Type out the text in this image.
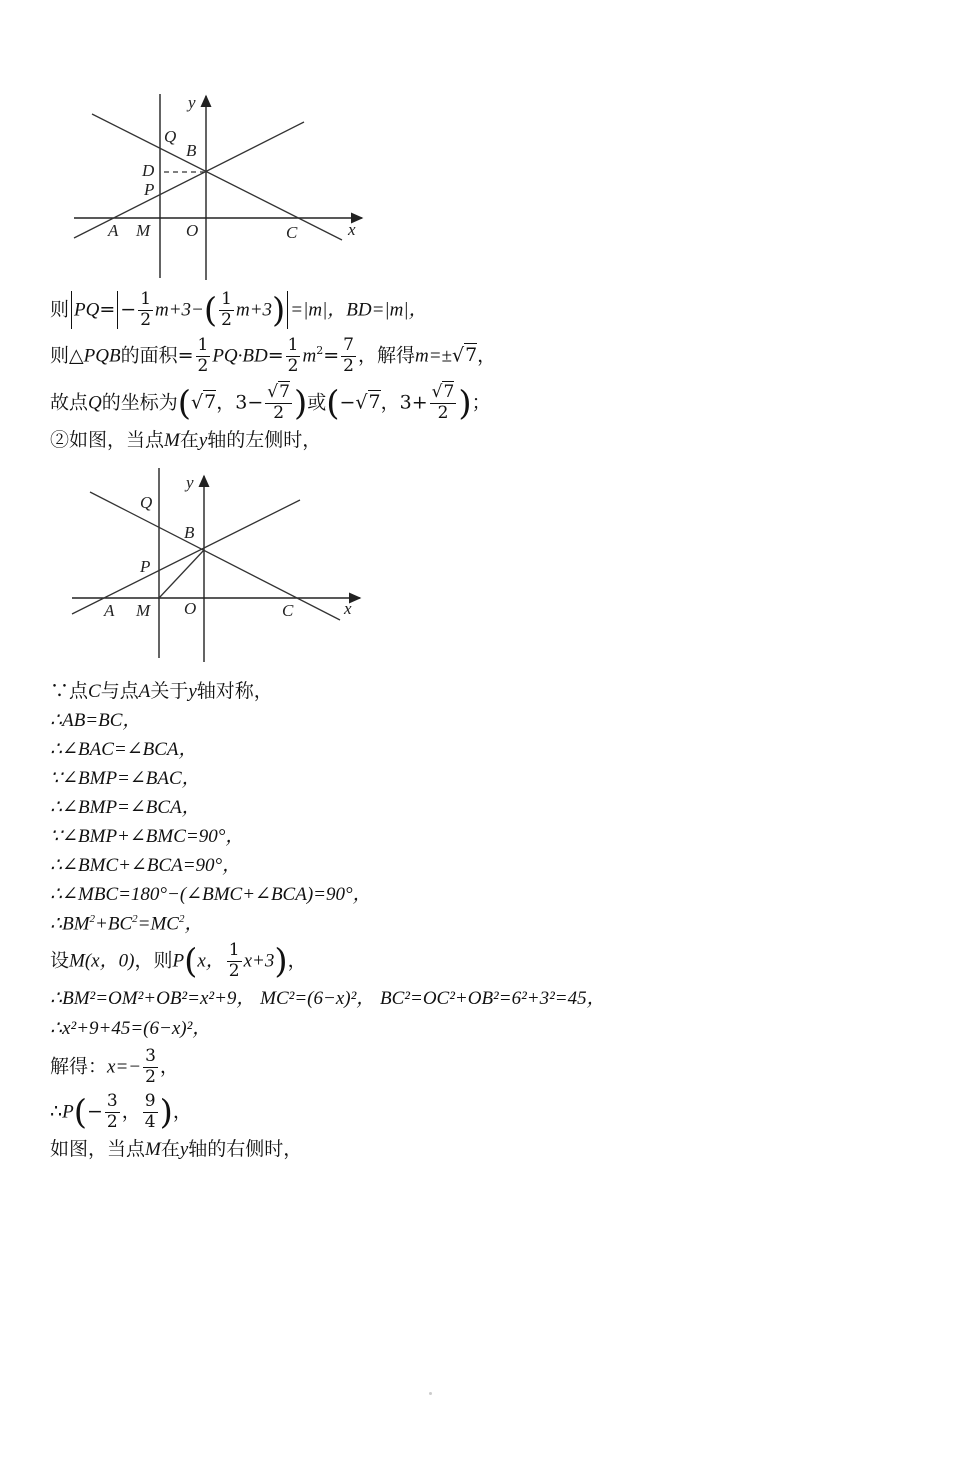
y
x
Q
B
D
P
A M O	C
则 $PQ= - \frac{1}{2} m+3-( \frac{1}{2} m+3) =|m|$，BD=|m|，
则△PQB的面积= $\frac{1}{2} PQ\cdot BD= \frac{1}{2} m^2= \frac{7}{2}$ ，解得m=±√7，
故点Q的坐标为(√7，$3- \frac{√7}{2}$ )或(−√7，$3+ \frac{√7}{2}$ )；
②如图，当点M在y轴的左侧时，
y
x
Q
B
P
A M O	C
∵点C与点A关于y轴对称，
∴AB=BC，
∴∠BAC=∠BCA，
∵∠BMP=∠BAC，
∴∠BMP=∠BCA，
∵∠BMP+∠BMC=90°，
∴∠BMC+∠BCA=90°，
∴∠MBC=180°−(∠BMC+∠BCA)=90°，
$\therefore BM^2+BC^2=MC^2$，
设M(x，0)，则P(x， $\frac{1}{2} x+3$)，
∴BM²=OM²+OB²=x²+9， MC²=(6−x)²， BC²=OC²+OB²=6²+3²=45，
∴x²+9+45=(6−x)²，
解得：$x=- \frac{3}{2}$ ，
∴P(− $\frac{3}{2}$ ， $\frac{9}{4}$ )，
如图，当点M在y轴的右侧时，
